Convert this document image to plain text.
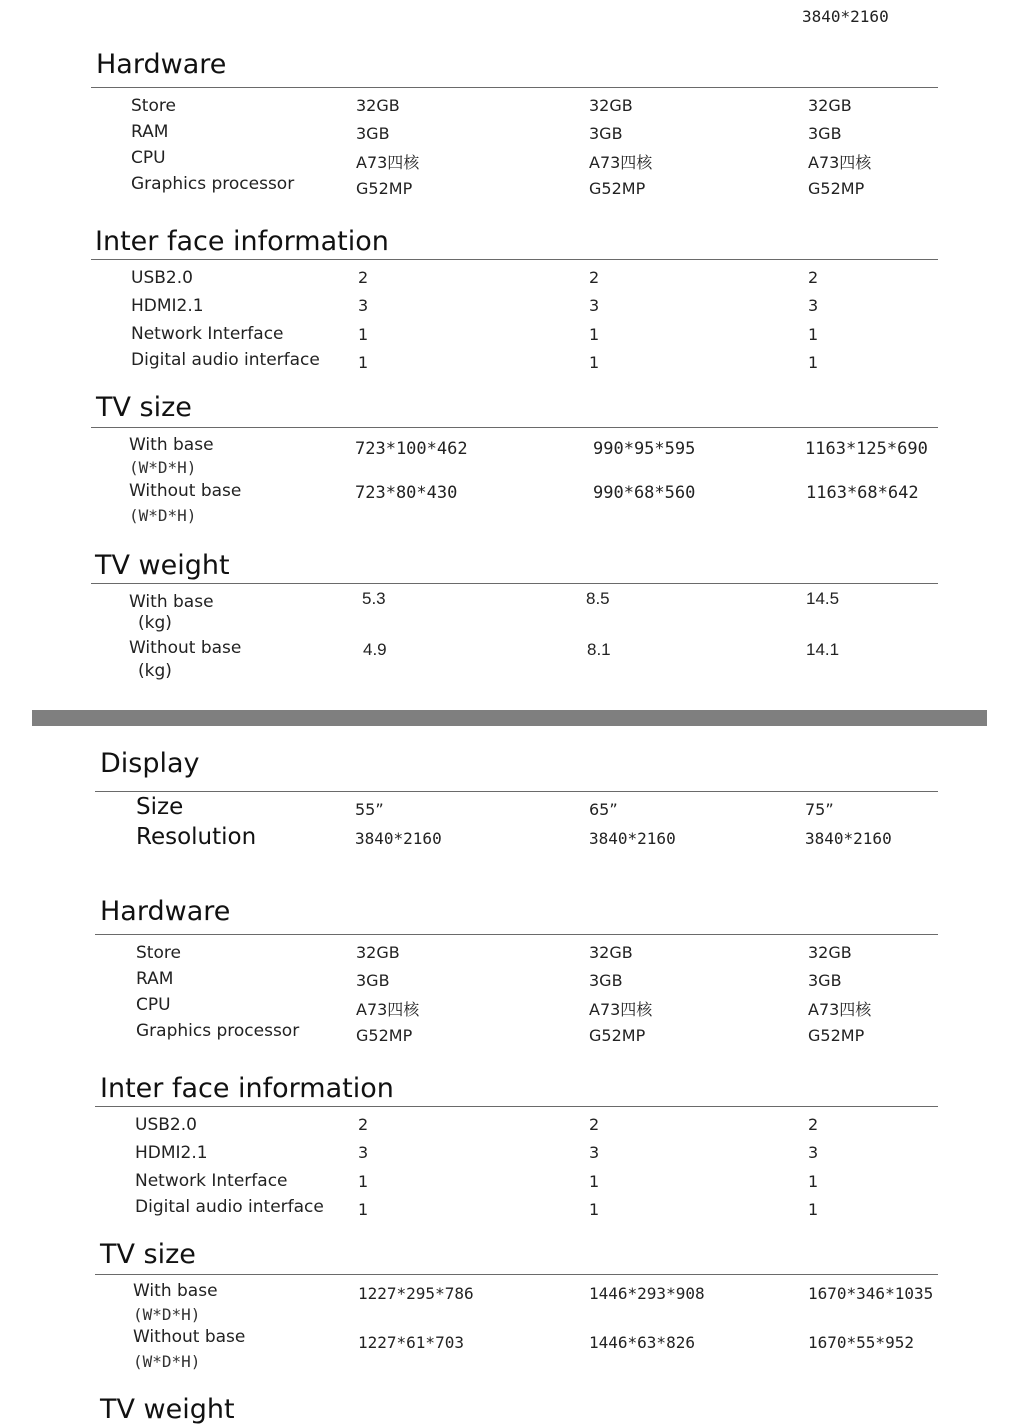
3840*2160
Hardware
Store	32GB	32GB	32GB
RAM	3GB	3GB	3GB
CPU	A73四核	A73四核	A73四核
Graphics processor	G52MP	G52MP	G52MP
Inter face information
USB2.0	2	2	2
HDMI2.1	3	3	3
Network Interface	1	1	1
Digital audio interface 1	1	1
TV size
With base
(W*D*H)
723*100*462	990*95*595	1163*125*690
Without base
(W*D*H)
723*80*430	990*68*560	1163*68*642
TV weight
With base
(kg)
5.3	8.5	14.5
Without base
(kg)
4.9	8.1	14.1
Display
Size	55”	65”	75”
Resolution	3840*2160	3840*2160	3840*2160
Hardware
Store	32GB	32GB	32GB
RAM	3GB	3GB	3GB
CPU	A73四核	A73四核	A73四核
Graphics processor	G52MP	G52MP	G52MP
Inter face information
USB2.0	2	2	2
HDMI2.1	3	3	3
Network Interface	1	1	1
Digital audio interface 1	1	1
TV size
With base
(W*D*H)
1227*295*786	1446*293*908	1670*346*1035
Without base
(W*D*H)
1227*61*703	1446*63*826	1670*55*952
TV weight
